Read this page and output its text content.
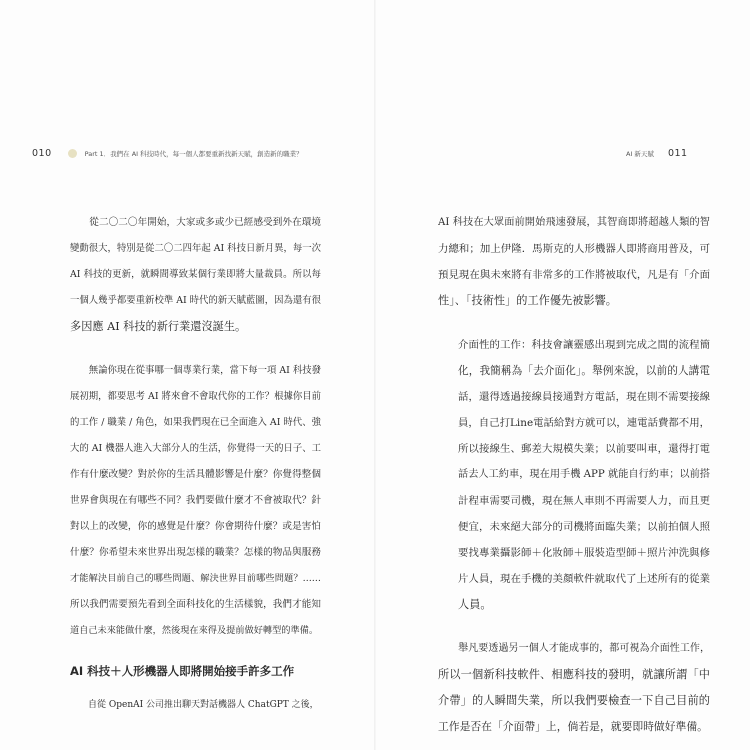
010	Part 1．我們在 AI 科技時代，每一個人都要重新找新天賦，創造新的職業？	AI 新天賦 011

　　從二〇二〇年開始，大家或多或少已經感受到外在環境
變動很大，特別是從二〇二四年起 AI 科技日新月異，每一次
AI 科技的更新，就瞬間導致某個行業即將大量裁員。所以每
一個人幾乎都要重新校準 AI 時代的新天賦藍圖，因為還有很
多因應 AI 科技的新行業還沒誕生。

　　無論你現在從事哪一個專業行業，當下每一項 AI 科技發
展初期，都要思考 AI 將來會不會取代你的工作？根據你目前
的工作 / 職業 / 角色，如果我們現在已全面進入 AI 時代、強
大的 AI 機器人進入大部分人的生活，你覺得一天的日子、工
作有什麼改變？對於你的生活具體影響是什麼？你覺得整個
世界會與現在有哪些不同？我們要做什麼才不會被取代？針
對以上的改變，你的感覺是什麼？你會期待什麼？或是害怕
什麼？你希望未來世界出現怎樣的職業？怎樣的物品與服務
才能解決目前自己的哪些問題、解決世界目前哪些問題？……
所以我們需要預先看到全面科技化的生活樣貌，我們才能知
道自己未來能做什麼，然後現在來得及提前做好轉型的準備。

AI 科技＋人形機器人即將開始接手許多工作

　　自從 OpenAI 公司推出聊天對話機器人 ChatGPT 之後，

AI 科技在大眾面前開始飛速發展，其智商即將超越人類的智
力總和；加上伊隆．馬斯克的人形機器人即將商用普及，可
預見現在與未來將有非常多的工作將被取代，凡是有「介面
性」、「技術性」的工作優先被影響。

介面性的工作：科技會讓靈感出現到完成之間的流程簡
化，我簡稱為「去介面化」。舉例來說，以前的人講電
話，還得透過接線員接通對方電話，現在則不需要接線
員，自己打Line電話給對方就可以，連電話費都不用，
所以接線生、郵差大規模失業；以前要叫車，還得打電
話去人工約車，現在用手機 APP 就能自行約車；以前搭
計程車需要司機，現在無人車則不再需要人力，而且更
便宜，未來絕大部分的司機將面臨失業；以前拍個人照
要找專業攝影師＋化妝師＋服裝造型師＋照片沖洗與修
片人員，現在手機的美顏軟件就取代了上述所有的從業
人員。

　　舉凡要透過另一個人才能成事的，都可視為介面性工作，
所以一個新科技軟件、相應科技的發明，就讓所謂「中
介帶」的人瞬間失業，所以我們要檢查一下自己目前的
工作是否在「介面帶」上，倘若是，就要即時做好準備。
